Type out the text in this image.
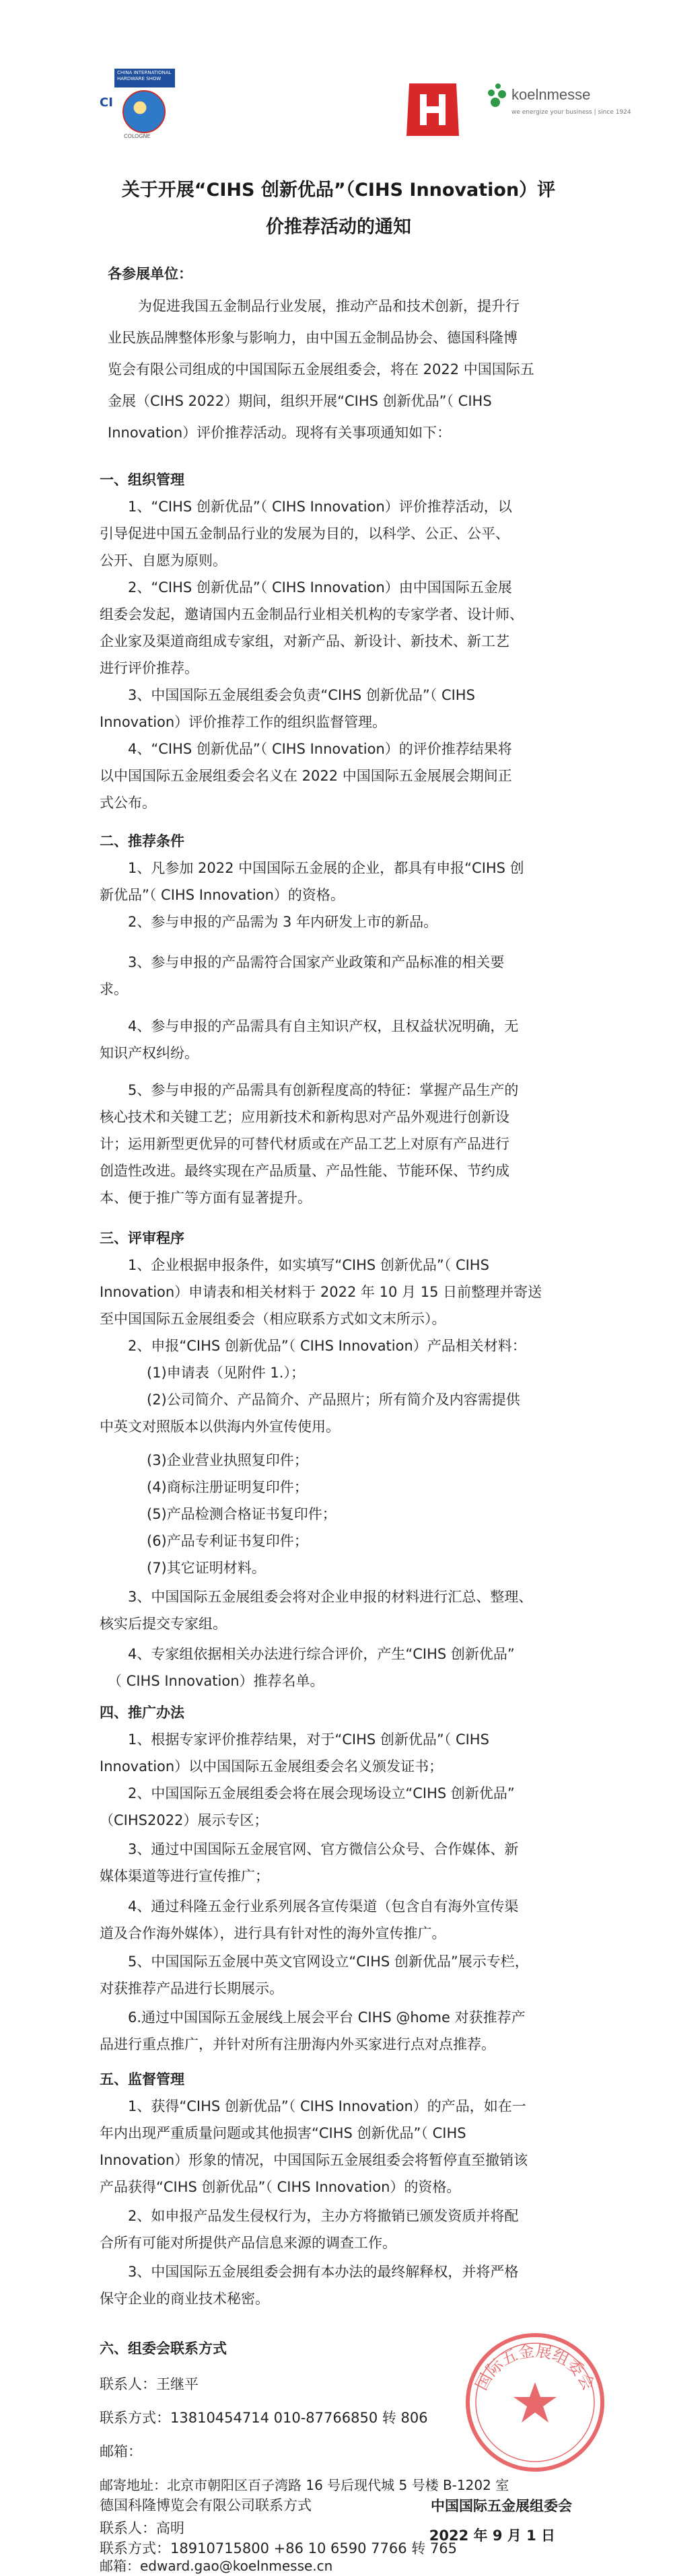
CHINA INTERNATIONAL HARDWARE SHOW
CI
COLOGNE
koelnmesse
we energize your business | since 1924
关于开展“CIHS 创新优品”（CIHS Innovation）评
价推荐活动的通知
各参展单位：
为促进我国五金制品行业发展，推动产品和技术创新，提升行
业民族品牌整体形象与影响力，由中国五金制品协会、德国科隆博
览会有限公司组成的中国国际五金展组委会，将在 2022 中国国际五
金展（CIHS 2022）期间，组织开展“CIHS 创新优品”（ CIHS
Innovation）评价推荐活动。现将有关事项通知如下：
一、组织管理
1、“CIHS 创新优品”（ CIHS Innovation）评价推荐活动，以
引导促进中国五金制品行业的发展为目的，以科学、公正、公平、
公开、自愿为原则。
2、“CIHS 创新优品”（ CIHS Innovation）由中国国际五金展
组委会发起，邀请国内五金制品行业相关机构的专家学者、设计师、
企业家及渠道商组成专家组，对新产品、新设计、新技术、新工艺
进行评价推荐。
3、中国国际五金展组委会负责“CIHS 创新优品”（ CIHS
Innovation）评价推荐工作的组织监督管理。
4、“CIHS 创新优品”（ CIHS Innovation）的评价推荐结果将
以中国国际五金展组委会名义在 2022 中国国际五金展展会期间正
式公布。
二、推荐条件
1、凡参加 2022 中国国际五金展的企业，都具有申报“CIHS 创
新优品”（ CIHS Innovation）的资格。
2、参与申报的产品需为 3 年内研发上市的新品。
3、参与申报的产品需符合国家产业政策和产品标准的相关要
求。
4、参与申报的产品需具有自主知识产权，且权益状况明确，无
知识产权纠纷。
5、参与申报的产品需具有创新程度高的特征：掌握产品生产的
核心技术和关键工艺；应用新技术和新构思对产品外观进行创新设
计；运用新型更优异的可替代材质或在产品工艺上对原有产品进行
创造性改进。最终实现在产品质量、产品性能、节能环保、节约成
本、便于推广等方面有显著提升。
三、评审程序
1、企业根据申报条件，如实填写“CIHS 创新优品”（ CIHS
Innovation）申请表和相关材料于 2022 年 10 月 15 日前整理并寄送
至中国国际五金展组委会（相应联系方式如文末所示）。
2、申报“CIHS 创新优品”（ CIHS Innovation）产品相关材料：
(1)申请表（见附件 1.）；
(2)公司简介、产品简介、产品照片；所有简介及内容需提供
中英文对照版本以供海内外宣传使用。
(3)企业营业执照复印件；
(4)商标注册证明复印件；
(5)产品检测合格证书复印件；
(6)产品专利证书复印件；
(7)其它证明材料。
3、中国国际五金展组委会将对企业申报的材料进行汇总、整理、
核实后提交专家组。
4、专家组依据相关办法进行综合评价，产生“CIHS 创新优品”
（ CIHS Innovation）推荐名单。
四、推广办法
1、根据专家评价推荐结果，对于“CIHS 创新优品”（ CIHS
Innovation）以中国国际五金展组委会名义颁发证书；
2、中国国际五金展组委会将在展会现场设立“CIHS 创新优品”
（CIHS2022）展示专区；
3、通过中国国际五金展官网、官方微信公众号、合作媒体、新
媒体渠道等进行宣传推广；
4、通过科隆五金行业系列展各宣传渠道（包含自有海外宣传渠
道及合作海外媒体），进行具有针对性的海外宣传推广。
5、中国国际五金展中英文官网设立“CIHS 创新优品”展示专栏，
对获推荐产品进行长期展示。
6.通过中国国际五金展线上展会平台 CIHS @home 对获推荐产
品进行重点推广，并针对所有注册海内外买家进行点对点推荐。
五、监督管理
1、获得“CIHS 创新优品”（ CIHS Innovation）的产品，如在一
年内出现严重质量问题或其他损害“CIHS 创新优品”（ CIHS
Innovation）形象的情况，中国国际五金展组委会将暂停直至撤销该
产品获得“CIHS 创新优品”（ CIHS Innovation）的资格。
2、如申报产品发生侵权行为，主办方将撤销已颁发资质并将配
合所有可能对所提供产品信息来源的调查工作。
3、中国国际五金展组委会拥有本办法的最终解释权，并将严格
保守企业的商业技术秘密。
六、组委会联系方式
联系人：王继平
联系方式：13810454714 010-87766850 转 806
邮箱：
邮寄地址：北京市朝阳区百子湾路 16 号后现代城 5 号楼 B-1202 室
德国科隆博览会有限公司联系方式
联系人：高明
联系方式：18910715800 +86 10 6590 7766 转 765
邮箱：edward.gao@koelnmesse.cn
国际五金展组委会
中国国际五金展组委会
2022 年 9 月 1 日
